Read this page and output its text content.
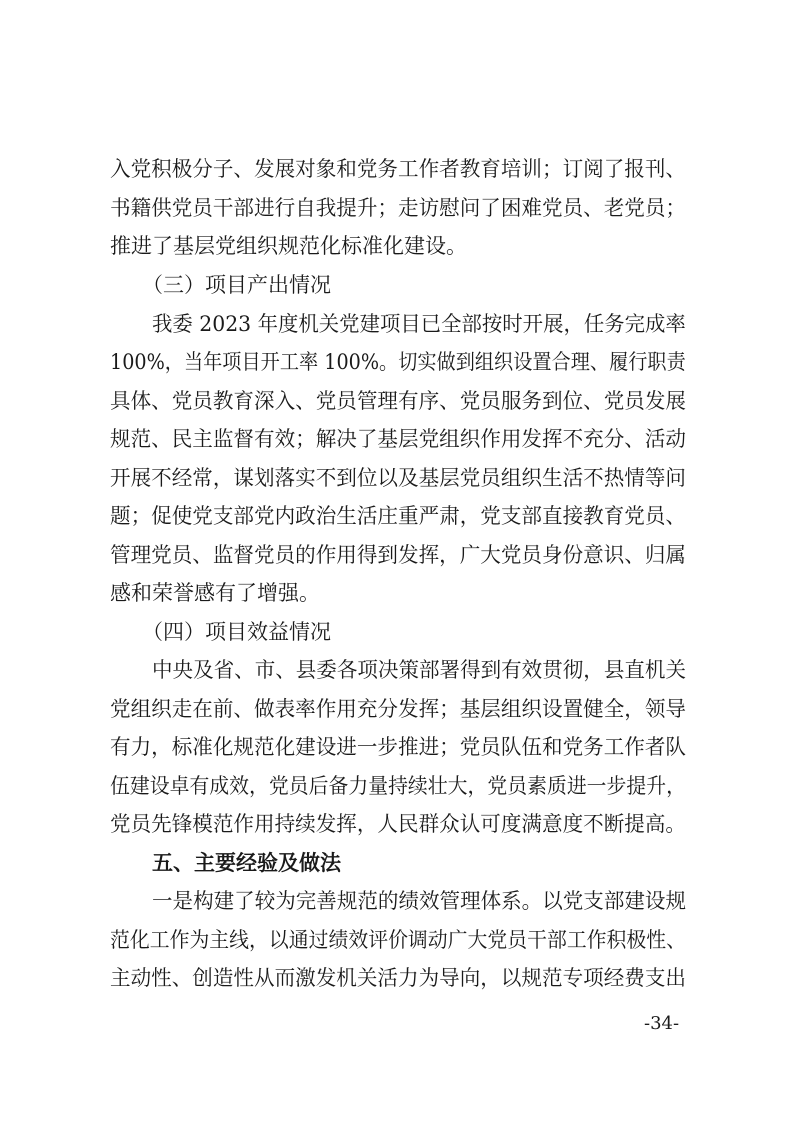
入党积极分子、发展对象和党务工作者教育培训；订阅了报刊、
书籍供党员干部进行自我提升；走访慰问了困难党员、老党员；
推进了基层党组织规范化标准化建设。
（三）项目产出情况
我委 2023 年度机关党建项目已全部按时开展，任务完成率
100%，当年项目开工率 100%。切实做到组织设置合理、履行职责
具体、党员教育深入、党员管理有序、党员服务到位、党员发展
规范、民主监督有效；解决了基层党组织作用发挥不充分、活动
开展不经常，谋划落实不到位以及基层党员组织生活不热情等问
题；促使党支部党内政治生活庄重严肃，党支部直接教育党员、
管理党员、监督党员的作用得到发挥，广大党员身份意识、归属
感和荣誉感有了增强。
（四）项目效益情况
中央及省、市、县委各项决策部署得到有效贯彻，县直机关
党组织走在前、做表率作用充分发挥；基层组织设置健全，领导
有力，标准化规范化建设进一步推进；党员队伍和党务工作者队
伍建设卓有成效，党员后备力量持续壮大，党员素质进一步提升，
党员先锋模范作用持续发挥，人民群众认可度满意度不断提高。
五、主要经验及做法
一是构建了较为完善规范的绩效管理体系。以党支部建设规
范化工作为主线，以通过绩效评价调动广大党员干部工作积极性、
主动性、创造性从而激发机关活力为导向，以规范专项经费支出
-34-
